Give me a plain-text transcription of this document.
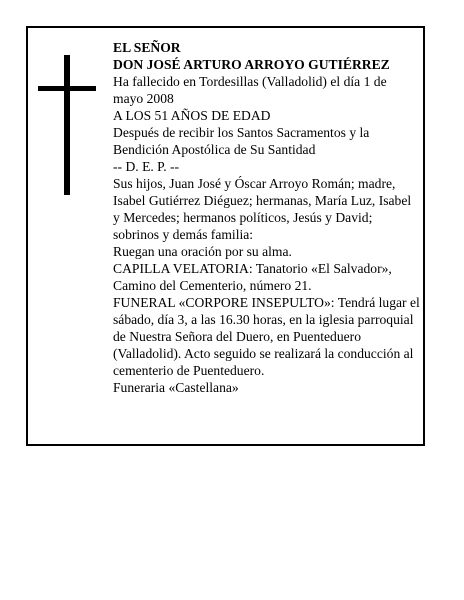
EL SEÑOR

DON JOSÉ ARTURO ARROYO GUTIÉRREZ

Ha fallecido en Tordesillas (Valladolid) el día 1 de
mayo 2008

A LOS 51 AÑOS DE EDAD

Después de recibir los Santos Sacramentos y la
Bendición Apostólica de Su Santidad

-- D. E. P. --

Sus hijos, Juan José y Óscar Arroyo Román; madre,
Isabel Gutiérrez Diéguez; hermanas, María Luz, Isabel
y Mercedes; hermanos políticos, Jesús y David;
sobrinos y demás familia:

Ruegan una oración por su alma.

CAPILLA VELATORIA: Tanatorio «El Salvador»,
Camino del Cementerio, número 21.

FUNERAL «CORPORE INSEPULTO»: Tendrá lugar el
sábado, día 3, a las 16.30 horas, en la iglesia parroquial
de Nuestra Señora del Duero, en Puenteduero
(Valladolid). Acto seguido se realizará la conducción al
cementerio de Puenteduero.

Funeraria «Castellana»
